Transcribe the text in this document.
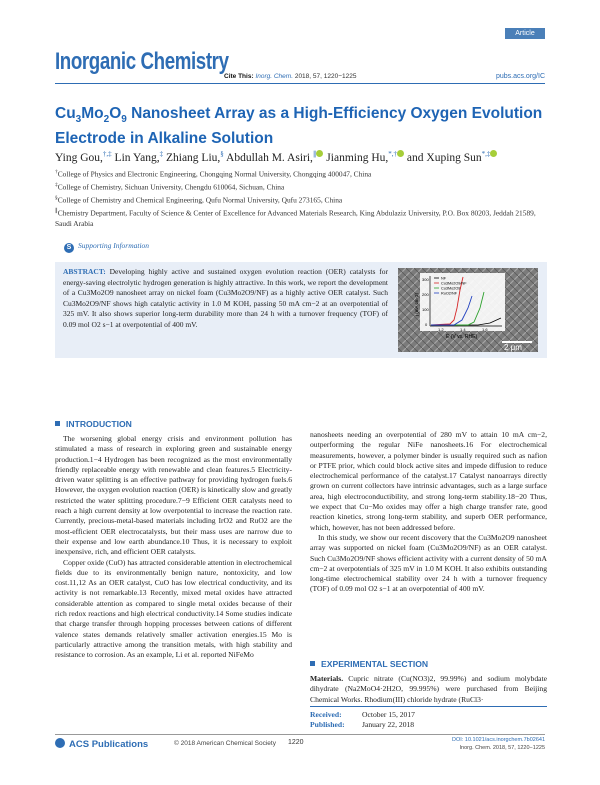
Article
Inorganic Chemistry
Cite This: Inorg. Chem. 2018, 57, 1220−1225	pubs.acs.org/IC
$Cu_3Mo_2O_9$ Nanosheet Array as a High-Efficiency Oxygen Evolution Electrode in Alkaline Solution
Ying Gou,†,‡ Lin Yang,‡ Zhiang Liu,§ Abdullah M. Asiri,∥ Jianming Hu,*,† and Xuping Sun*,‡
†College of Physics and Electronic Engineering, Chongqing Normal University, Chongqing 400047, China
‡College of Chemistry, Sichuan University, Chengdu 610064, Sichuan, China
§College of Chemistry and Chemical Engineering, Qufu Normal University, Qufu 273165, China
∥Chemistry Department, Faculty of Science & Center of Excellence for Advanced Materials Research, King Abdulaziz University, P.O. Box 80203, Jeddah 21589, Saudi Arabia
S Supporting Information
ABSTRACT: Developing highly active and sustained oxygen evolution reaction (OER) catalysts for energy-saving electrolytic hydrogen generation is highly attractive. In this work, we report the development of a Cu3Mo2O9 nanosheet array on nickel foam (Cu3Mo2O9/NF) as a highly active OER catalyst. Such Cu3Mo2O9/NF shows high catalytic activity in 1.0 M KOH, passing 50 mA cm−2 at an overpotential of 325 mV. It also shows superior long-term durability more than 24 h with a turnover frequency (TOF) of 0.09 mol O2 s−1 at overpotential of 400 mV.
300
200
100
0
1.2	1.4	1.6
j (mA cm-2)
E (V vs. RHE)
NF
Cu3Mo2O9/NF
Cu3Mo2O9
RuO2/NF
2 μm
INTRODUCTION

The worsening global energy crisis and environment pollution has stimulated a mass of research in exploring green and sustainable energy production.1−4 Hydrogen has been recognized as the most environmentally friendly replaceable energy with renewable and clean features.5 Electricity-driven water splitting is an effective pathway for providing hydrogen fuels.6 However, the oxygen evolution reaction (OER) is kinetically slow and greatly restricted the water splitting procedure.7−9 Efficient OER catalysts need to reach a high current density at low overpotential to increase the reaction rate. Currently, precious-metal-based materials including IrO2 and RuO2 are the most-efficient OER electrocatalysts, but their mass uses are narrow due to their expense and low earth abundance.10 Thus, it is necessary to exploit inexpensive, rich, and efficient OER catalysts.

Copper oxide (CuO) has attracted considerable attention in electrochemical fields due to its environmentally benign nature, nontoxicity, and low cost.11,12 As an OER catalyst, CuO has low electrical conductivity, and its activity is not remarkable.13 Recently, mixed metal oxides have attracted considerable attention as compared to single metal oxides because of their rich redox reactions and high electrical conductivity.14 Some studies indicate that charge transfer through hopping processes between cations of different valence states demands relatively smaller activation energies.15 Mo is particularly attractive among the transition metals, with high stability and resistance to corrosion. As an example, Li et al. reported NiFeMo

nanosheets needing an overpotential of 280 mV to attain 10 mA cm−2, outperforming the regular NiFe nanosheets.16 For electrochemical measurements, however, a polymer binder is usually required such as nafion or PTFE prior, which could block active sites and impede diffusion to reduce electrochemical performance of the catalyst.17 Catalyst nanoarrays directly grown on current collectors have intrinsic advantages, such as a large surface area, high electroconductibility, and strong long-term stability.18−20 Thus, we expect that Cu−Mo oxides may offer a high charge transfer rate, good reaction kinetics, strong long-term stability, and superb OER performance, which, however, has not been addressed before.

In this study, we show our recent discovery that the Cu3Mo2O9 nanosheet array was supported on nickel foam (Cu3Mo2O9/NF) as an OER catalyst. Such Cu3Mo2O9/NF shows efficient activity with a current density of 50 mA cm−2 at overpotentials of 325 mV in 1.0 M KOH. It also exhibits outstanding long-time electrochemical stability over 24 h with a turnover frequency (TOF) of 0.09 mol O2 s−1 at an overpotential of 400 mV.

EXPERIMENTAL SECTION
Materials. Cupric nitrate (Cu(NO3)2, 99.99%) and sodium molybdate dihydrate (Na2MoO4·2H2O, 99.995%) were purchased from Beijing Chemical Works. Rhodium(III) chloride hydrate (RuCl3·
Received:	October 15, 2017
Published: January 22, 2018
ACS Publications	© 2018 American Chemical Society 1220	DOI: 10.1021/acs.inorgchem.7b02641
Inorg. Chem. 2018, 57, 1220−1225
